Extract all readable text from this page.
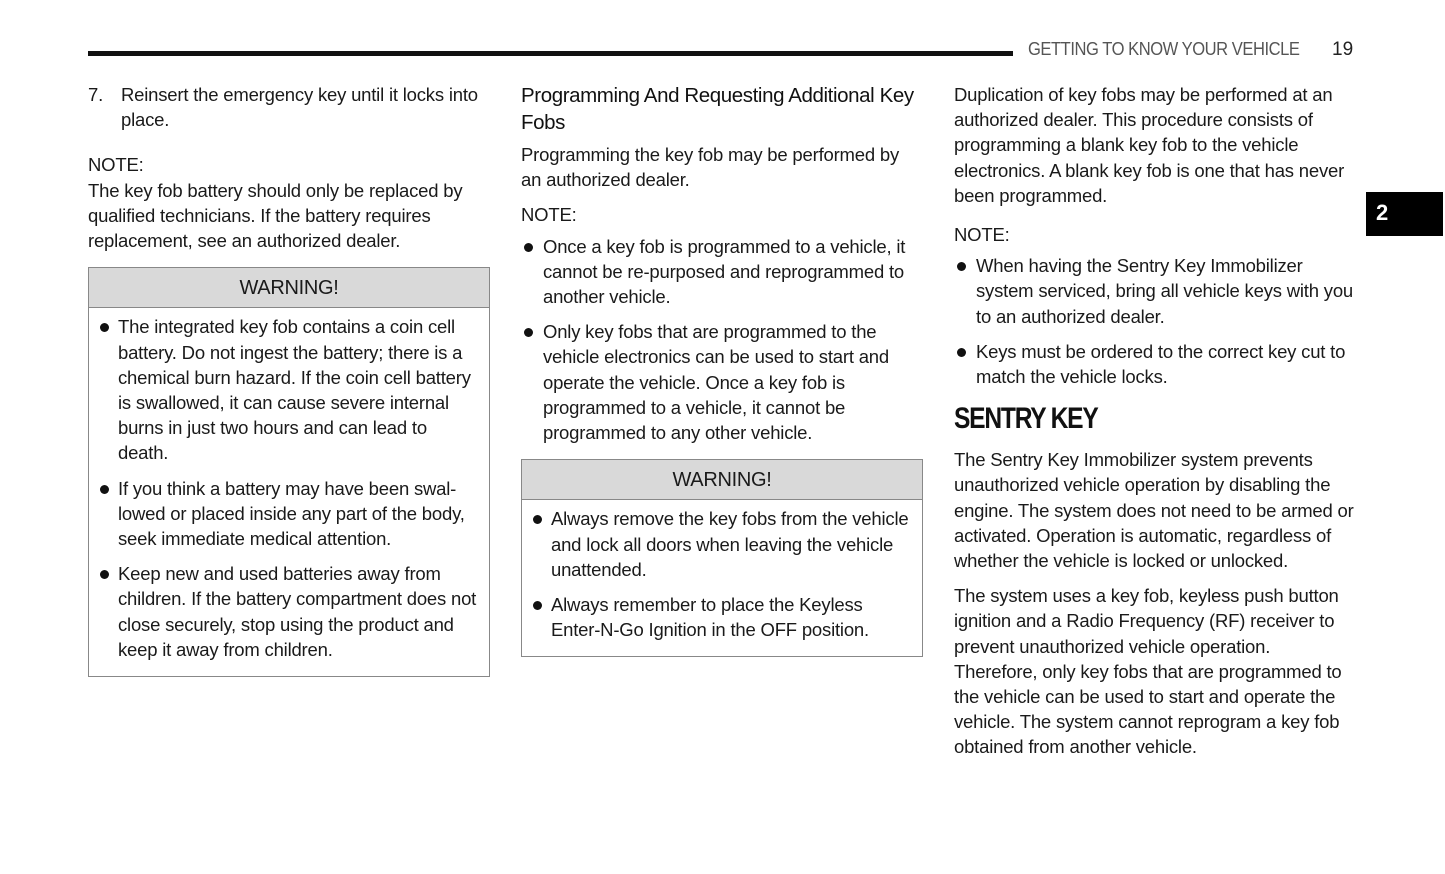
GETTING TO KNOW YOUR VEHICLE 19
2
7. Reinsert the emergency key until it locks into place.

NOTE:

The key fob battery should only be replaced by qualified technicians. If the battery requires replacement, see an authorized dealer.

WARNING!
The integrated key fob contains a coin cell battery. Do not ingest the battery; there is a chemical burn hazard. If the coin cell battery is swallowed, it can cause severe internal burns in just two hours and can lead to death.
If you think a battery may have been swal-lowed or placed inside any part of the body, seek immediate medical attention.
Keep new and used batteries away from children. If the battery compartment does not close securely, stop using the product and keep it away from children.
Programming And Requesting Additional Key Fobs

Programming the key fob may be performed by an authorized dealer.

NOTE:

Once a key fob is programmed to a vehicle, it cannot be re-purposed and reprogrammed to another vehicle.
Only key fobs that are programmed to the vehicle electronics can be used to start and operate the vehicle. Once a key fob is programmed to a vehicle, it cannot be programmed to any other vehicle.
WARNING!
Always remove the key fobs from the vehicle and lock all doors when leaving the vehicle unattended.
Always remember to place the Keyless Enter-N-Go Ignition in the OFF position.

Duplication of key fobs may be performed at an authorized dealer. This procedure consists of programming a blank key fob to the vehicle electronics. A blank key fob is one that has never been programmed.

NOTE:

When having the Sentry Key Immobilizer system serviced, bring all vehicle keys with you to an authorized dealer.
Keys must be ordered to the correct key cut to match the vehicle locks.
SENTRY KEY

The Sentry Key Immobilizer system prevents unauthorized vehicle operation by disabling the engine. The system does not need to be armed or activated. Operation is automatic, regardless of whether the vehicle is locked or unlocked.

The system uses a key fob, keyless push button ignition and a Radio Frequency (RF) receiver to prevent unauthorized vehicle operation. Therefore, only key fobs that are programmed to the vehicle can be used to start and operate the vehicle. The system cannot reprogram a key fob obtained from another vehicle.
